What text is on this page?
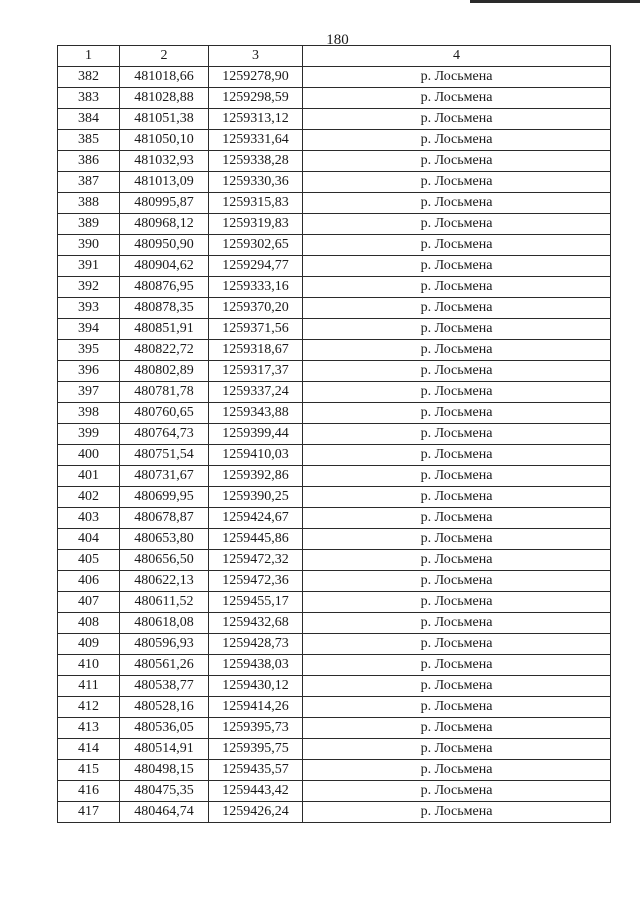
180
1	2	3	4
382	481018,66	1259278,90	р. Лосьмена
383	481028,88	1259298,59	р. Лосьмена
384	481051,38	1259313,12	р. Лосьмена
385	481050,10	1259331,64	р. Лосьмена
386	481032,93	1259338,28	р. Лосьмена
387	481013,09	1259330,36	р. Лосьмена
388	480995,87	1259315,83	р. Лосьмена
389	480968,12	1259319,83	р. Лосьмена
390	480950,90	1259302,65	р. Лосьмена
391	480904,62	1259294,77	р. Лосьмена
392	480876,95	1259333,16	р. Лосьмена
393	480878,35	1259370,20	р. Лосьмена
394	480851,91	1259371,56	р. Лосьмена
395	480822,72	1259318,67	р. Лосьмена
396	480802,89	1259317,37	р. Лосьмена
397	480781,78	1259337,24	р. Лосьмена
398	480760,65	1259343,88	р. Лосьмена
399	480764,73	1259399,44	р. Лосьмена
400	480751,54	1259410,03	р. Лосьмена
401	480731,67	1259392,86	р. Лосьмена
402	480699,95	1259390,25	р. Лосьмена
403	480678,87	1259424,67	р. Лосьмена
404	480653,80	1259445,86	р. Лосьмена
405	480656,50	1259472,32	р. Лосьмена
406	480622,13	1259472,36	р. Лосьмена
407	480611,52	1259455,17	р. Лосьмена
408	480618,08	1259432,68	р. Лосьмена
409	480596,93	1259428,73	р. Лосьмена
410	480561,26	1259438,03	р. Лосьмена
411	480538,77	1259430,12	р. Лосьмена
412	480528,16	1259414,26	р. Лосьмена
413	480536,05	1259395,73	р. Лосьмена
414	480514,91	1259395,75	р. Лосьмена
415	480498,15	1259435,57	р. Лосьмена
416	480475,35	1259443,42	р. Лосьмена
417	480464,74	1259426,24	р. Лосьмена
